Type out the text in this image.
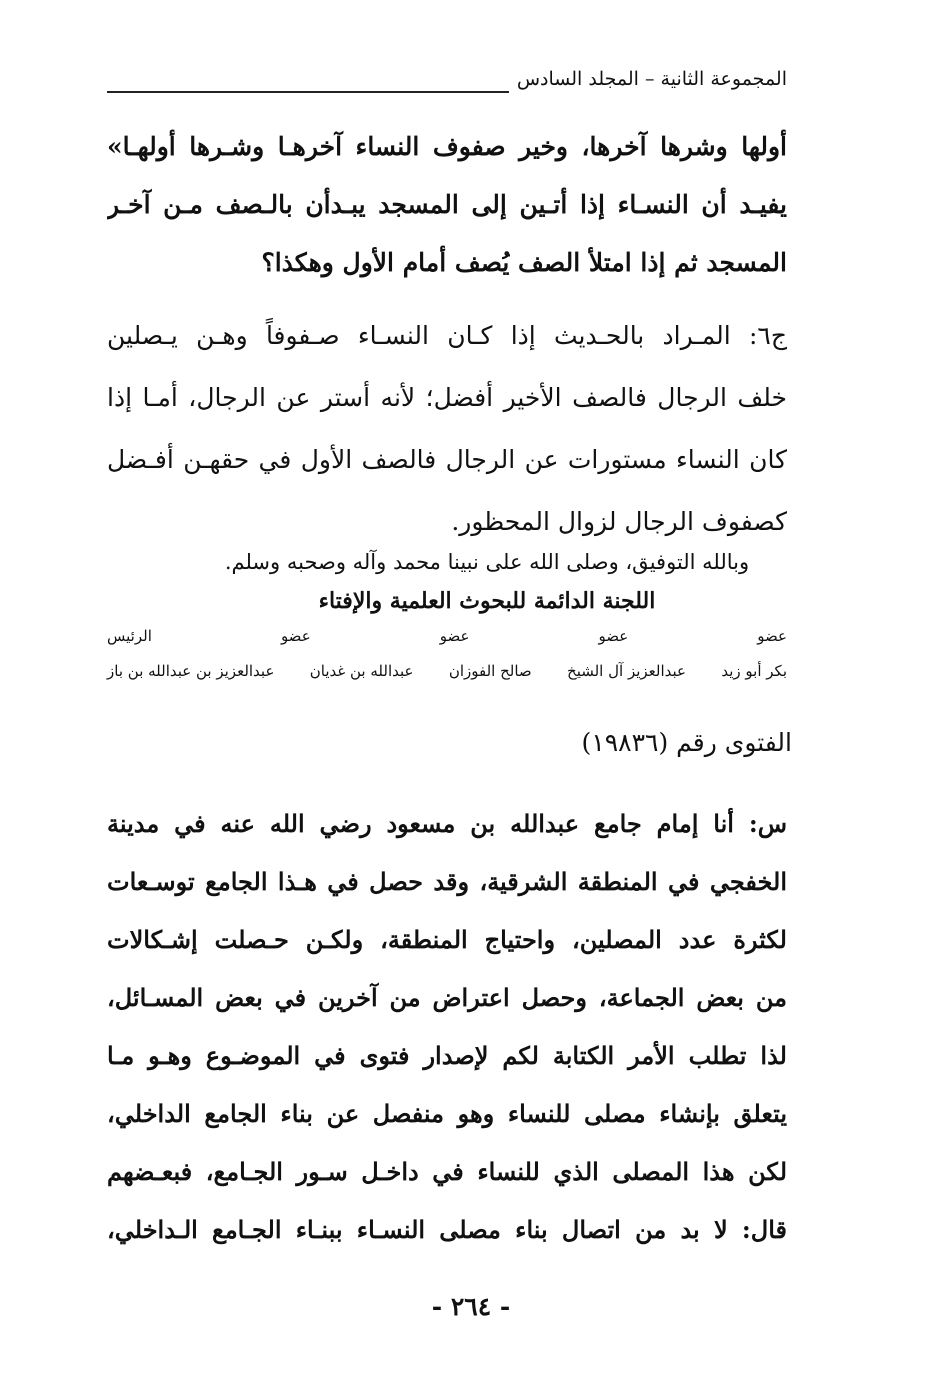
المجموعة الثانية – المجلد السادس
أولها وشرها آخرها، وخير صفوف النساء آخرهـا وشـرها أولهـا»
يفيـد أن النسـاء إذا أتـين إلى المسجد يبـدأن بالـصف مـن آخـر
المسجد ثم إذا امتلأ الصف يُصف أمام الأول وهكذا؟
ج٦: المـراد بالحـديث إذا كـان النسـاء صـفوفاً وهـن يـصلين
خلف الرجال فالصف الأخير أفضل؛ لأنه أستر عن الرجال، أمـا إذا
كان النساء مستورات عن الرجال فالصف الأول في حقهـن أفـضل
كصفوف الرجال لزوال المحظور.
وبالله التوفيق، وصلى الله على نبينا محمد وآله وصحبه وسلم.
اللجنة الدائمة للبحوث العلمية والإفتاء
عضو
عضو
عضو
عضو
الرئيس
بكر أبو زيد
عبدالعزيز آل الشيخ
صالح الفوزان
عبدالله بن غديان
عبدالعزيز بن عبدالله بن باز
الفتوى رقم (١٩٨٣٦)
س: أنا إمام جامع عبدالله بن مسعود رضي الله عنه في مدينة
الخفجي في المنطقة الشرقية، وقد حصل في هـذا الجامع توسـعات
لكثرة عدد المصلين، واحتياج المنطقة، ولكـن حـصلت إشـكالات
من بعض الجماعة، وحصل اعتراض من آخرين في بعض المسـائل،
لذا تطلب الأمر الكتابة لكم لإصدار فتوى في الموضـوع وهـو مـا
يتعلق بإنشاء مصلى للنساء وهو منفصل عن بناء الجامع الداخلي،
لكن هذا المصلى الذي للنساء في داخـل سـور الجـامع، فبعـضهم
قال: لا بد من اتصال بناء مصلى النسـاء ببنـاء الجـامع الـداخلي،
- ٢٦٤ -
